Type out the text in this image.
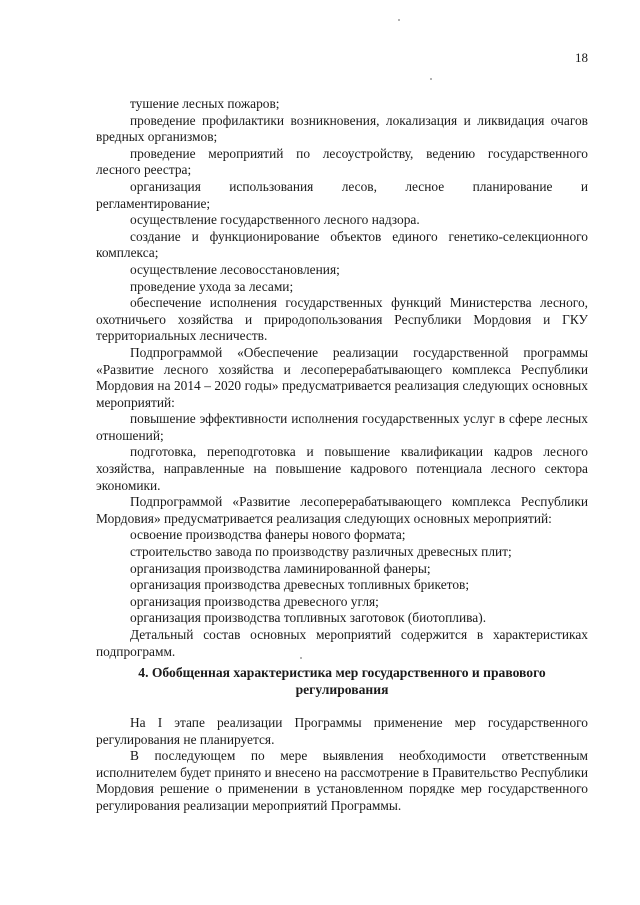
18

тушение лесных пожаров;

проведение профилактики возникновения, локализация и ликвидация очагов вредных организмов;

проведение мероприятий по лесоустройству, ведению государственного лесного реестра;

организация использования лесов, лесное планирование и

регламентирование;

осуществление государственного лесного надзора.

создание и функционирование объектов единого генетико-селекционного комплекса;

осуществление лесовосстановления;

проведение ухода за лесами;

обеспечение исполнения государственных функций Министерства лесного, охотничьего хозяйства и природопользования Республики Мордовия и ГКУ территориальных лесничеств.

Подпрограммой «Обеспечение реализации государственной программы «Развитие лесного хозяйства и лесоперерабатывающего комплекса Республики Мордовия на 2014 – 2020 годы» предусматривается реализация следующих основных мероприятий:

повышение эффективности исполнения государственных услуг в сфере лесных отношений;

подготовка, переподготовка и повышение квалификации кадров лесного хозяйства, направленные на повышение кадрового потенциала лесного сектора экономики.

Подпрограммой «Развитие лесоперерабатывающего комплекса Республики Мордовия» предусматривается реализация следующих основных мероприятий:

освоение производства фанеры нового формата;

строительство завода по производству различных древесных плит;

организация производства ламинированной фанеры;

организация производства древесных топливных брикетов;

организация производства древесного угля;

организация производства топливных заготовок (биотоплива).

Детальный состав основных мероприятий содержится в характеристиках подпрограмм.

4. Обобщенная характеристика мер государственного и правового
регулирования

На I этапе реализации Программы применение мер государственного регулирования не планируется.

В последующем по мере выявления необходимости ответственным исполнителем будет принято и внесено на рассмотрение в Правительство Республики Мордовия решение о применении в установленном порядке мер государственного регулирования реализации мероприятий Программы.
